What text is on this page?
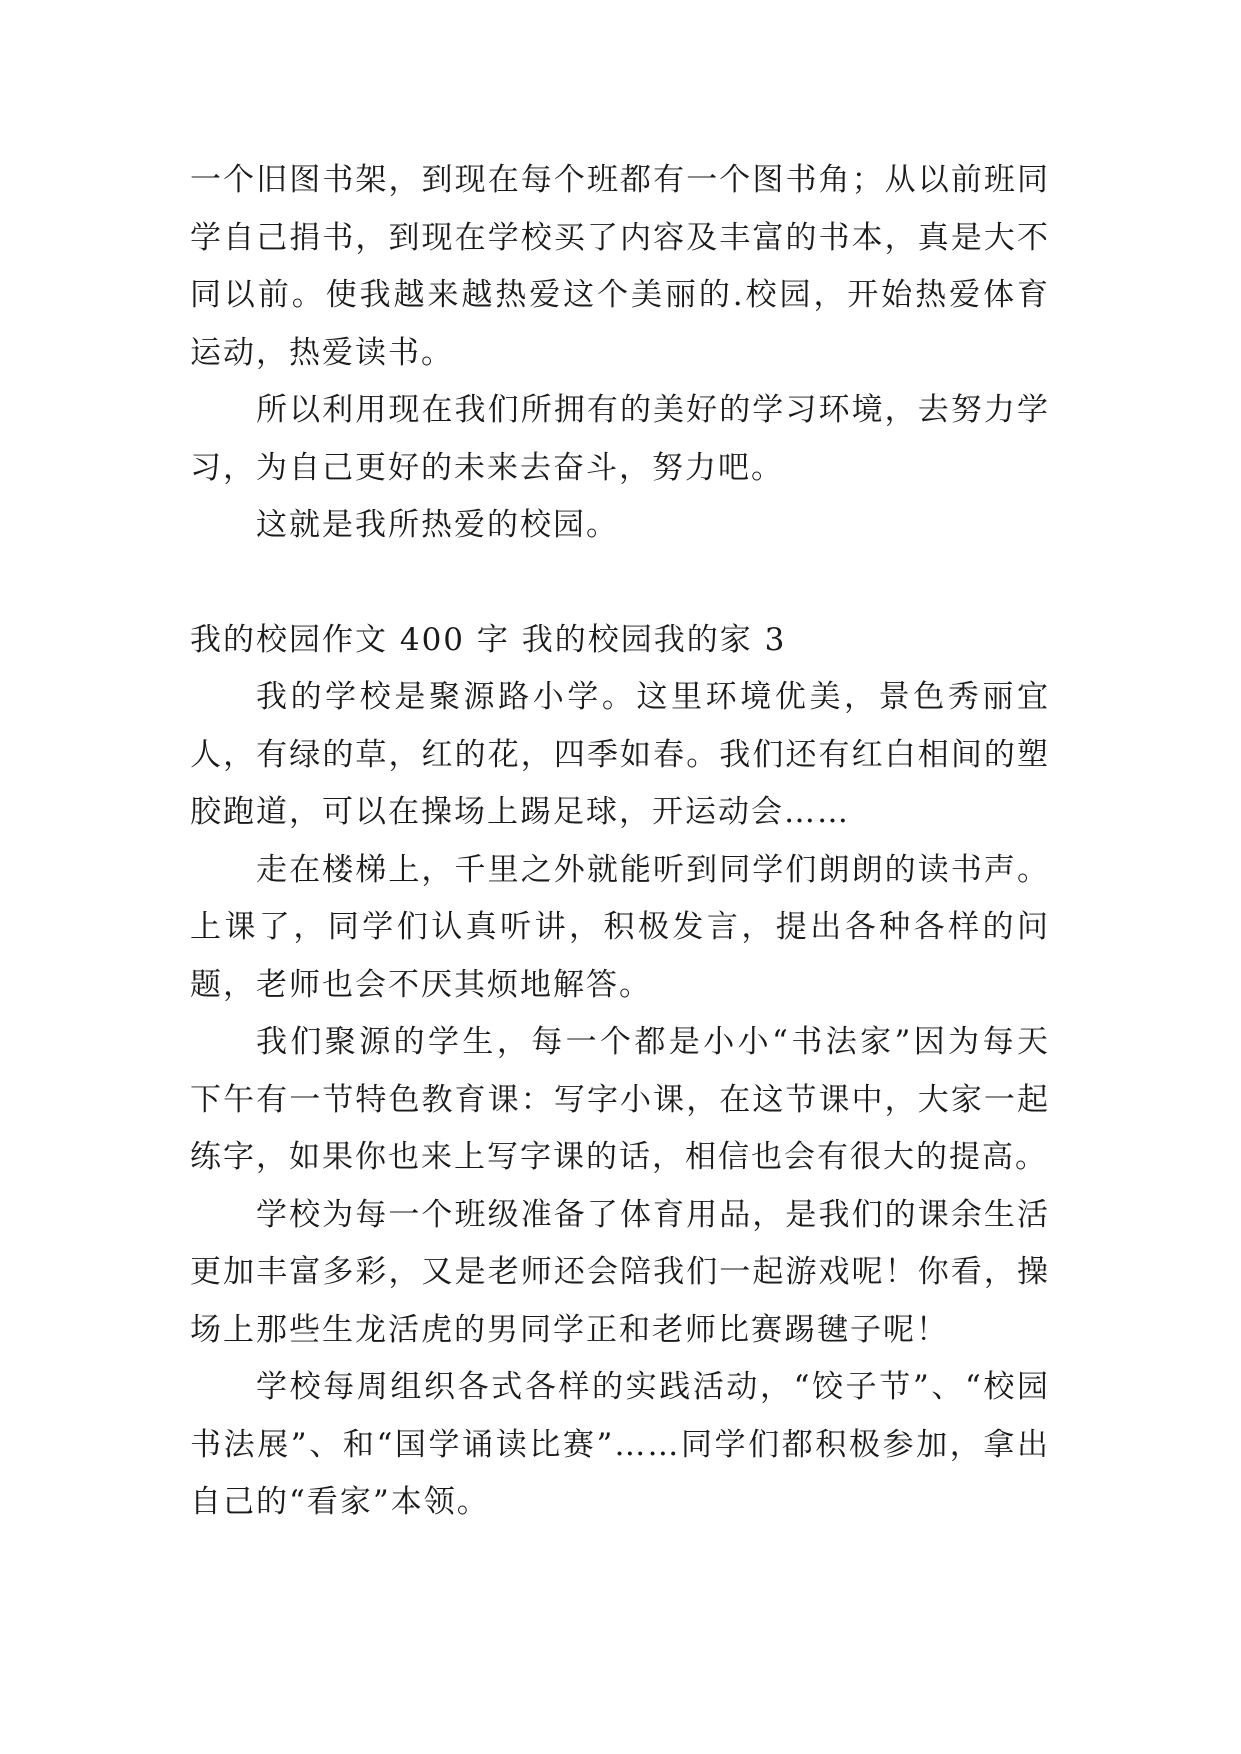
一个旧图书架，到现在每个班都有一个图书角；从以前班同学自己捐书，到现在学校买了内容及丰富的书本，真是大不同以前。使我越来越热爱这个美丽的.校园，开始热爱体育运动，热爱读书。

所以利用现在我们所拥有的美好的学习环境，去努力学习，为自己更好的未来去奋斗，努力吧。

这就是我所热爱的校园。

我的校园作文 400 字 我的校园我的家 3

我的学校是聚源路小学。这里环境优美，景色秀丽宜人，有绿的草，红的花，四季如春。我们还有红白相间的塑胶跑道，可以在操场上踢足球，开运动会……

走在楼梯上，千里之外就能听到同学们朗朗的读书声。上课了，同学们认真听讲，积极发言，提出各种各样的问题，老师也会不厌其烦地解答。

我们聚源的学生，每一个都是小小“书法家”因为每天下午有一节特色教育课：写字小课，在这节课中，大家一起练字，如果你也来上写字课的话，相信也会有很大的提高。

学校为每一个班级准备了体育用品，是我们的课余生活更加丰富多彩，又是老师还会陪我们一起游戏呢！你看，操场上那些生龙活虎的男同学正和老师比赛踢毽子呢！

学校每周组织各式各样的实践活动，“饺子节”、“校园书法展”、和“国学诵读比赛”……同学们都积极参加，拿出自己的“看家”本领。
